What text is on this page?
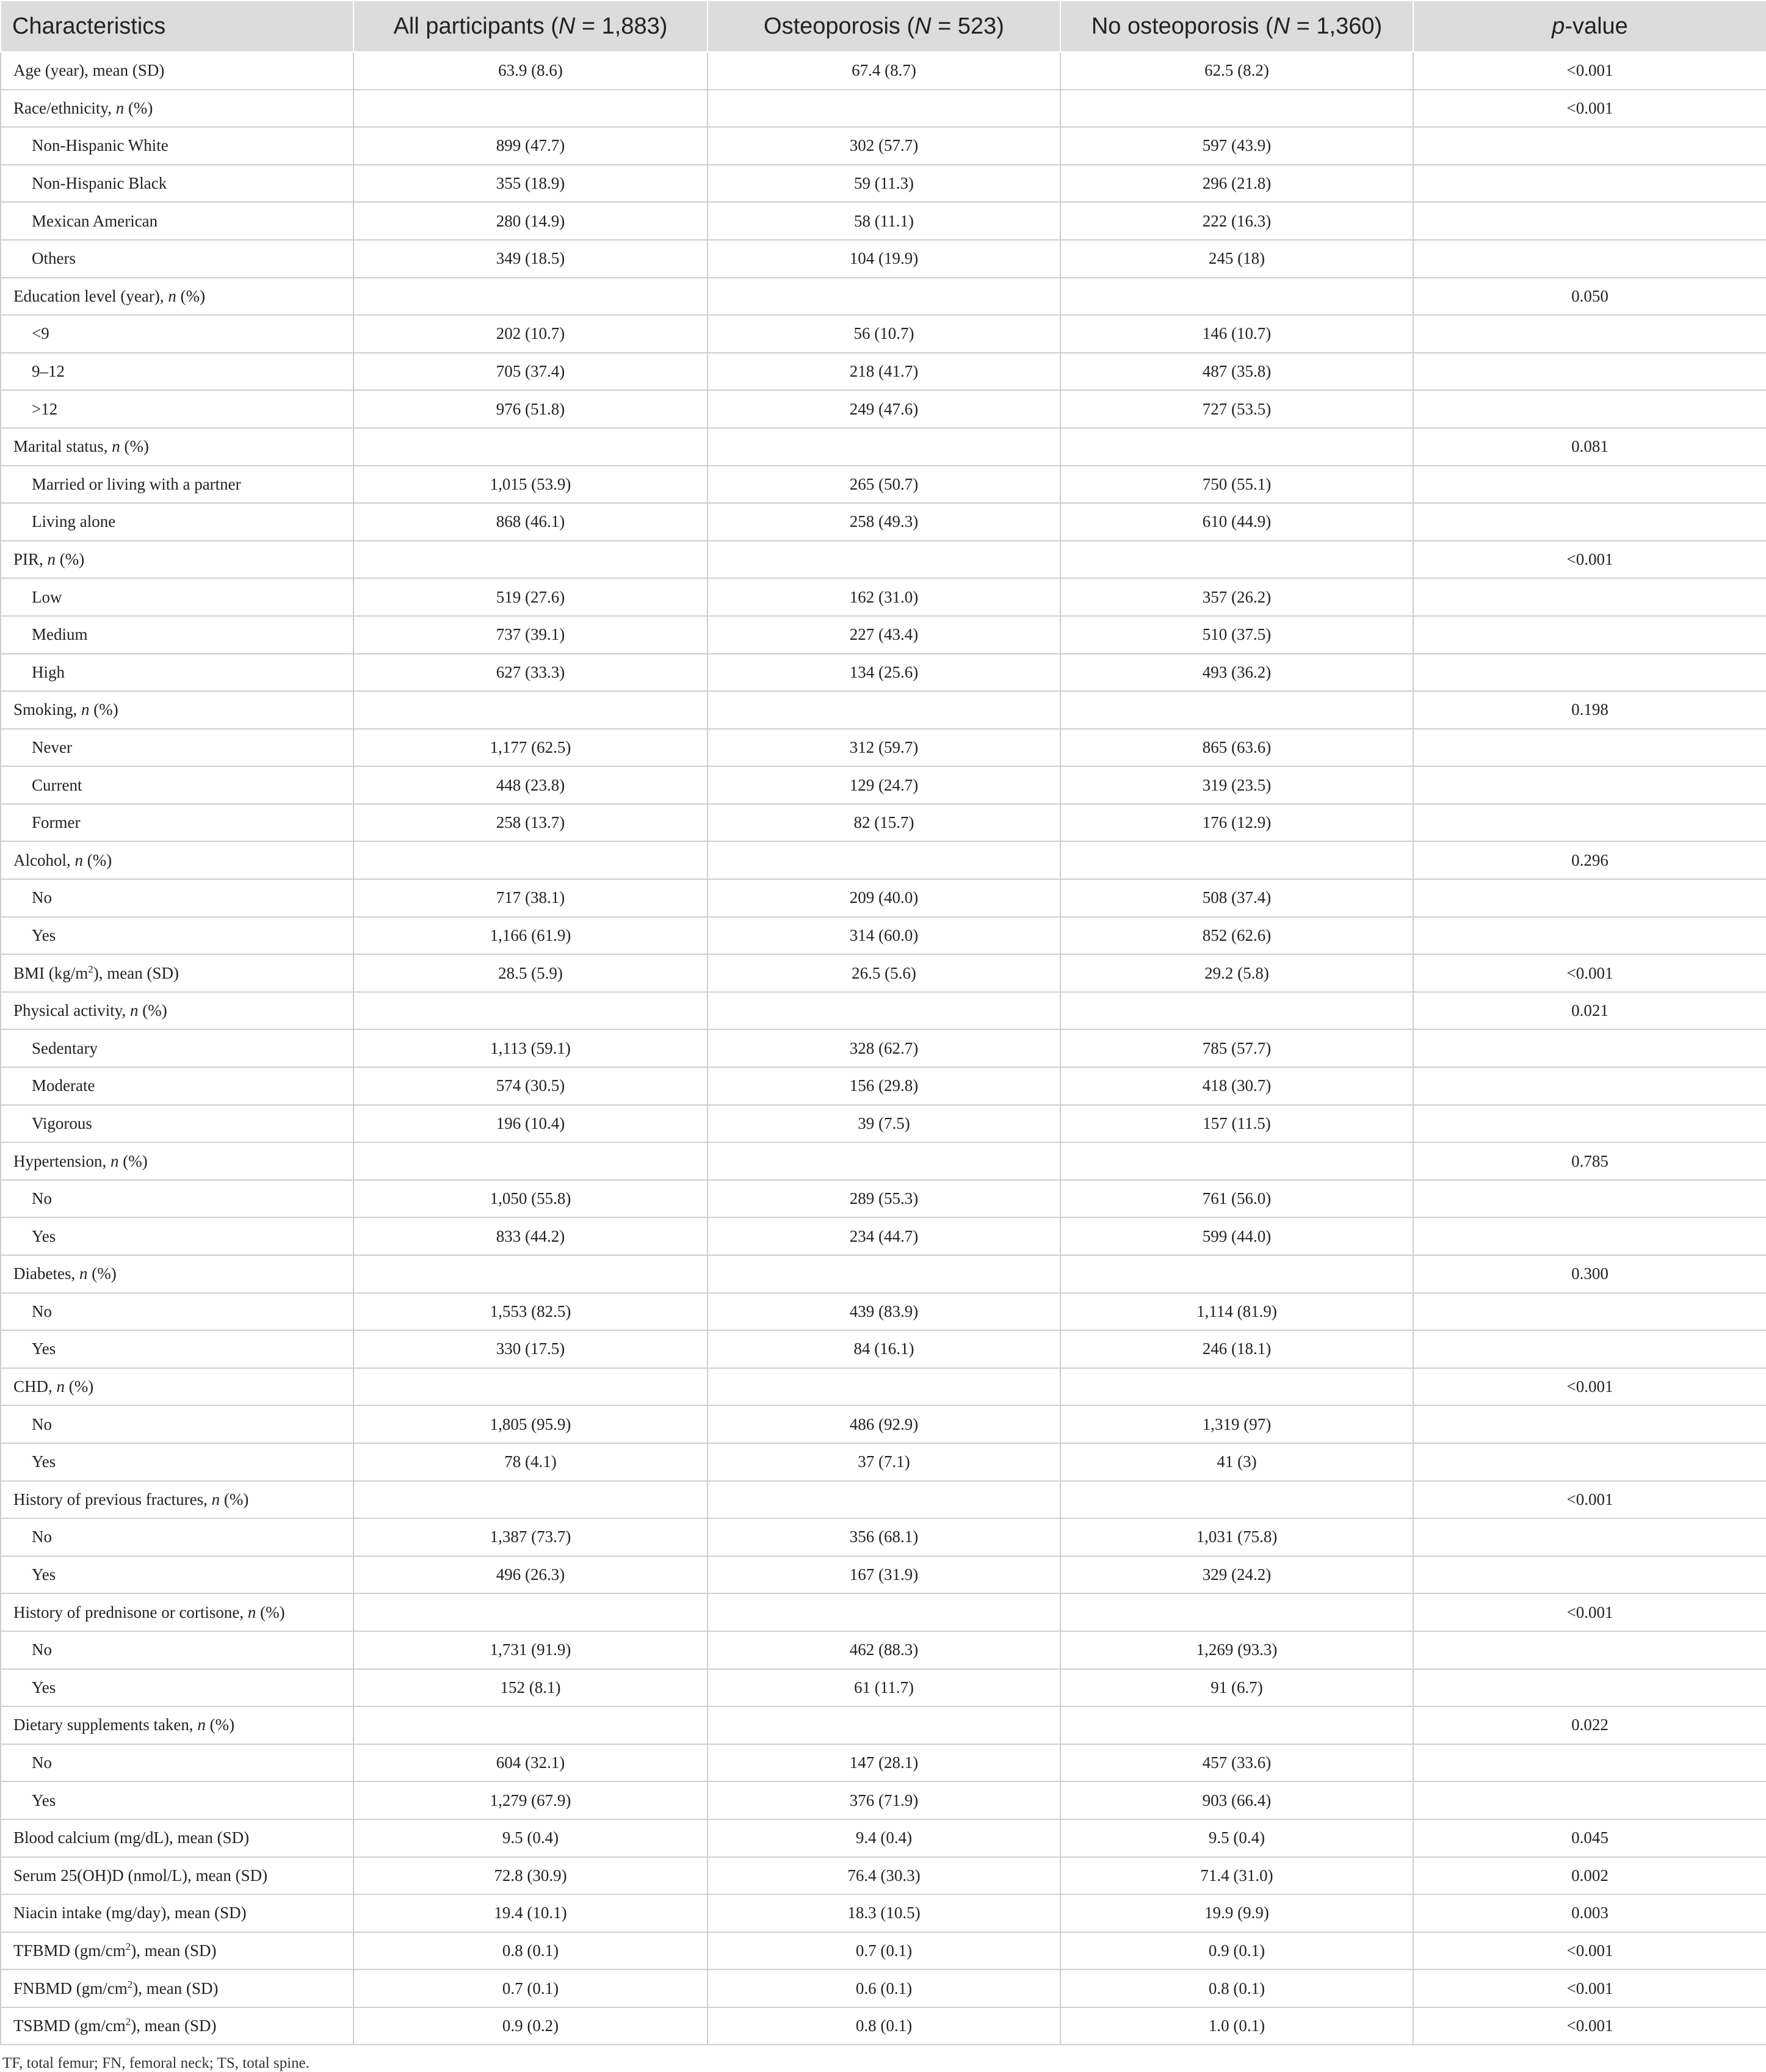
Characteristics	All participants (N = 1,883)	Osteoporosis (N = 523)	No osteoporosis (N = 1,360)	p-value
Age (year), mean (SD)	63.9 (8.6)	67.4 (8.7)	62.5 (8.2)	<0.001
Race/ethnicity, n (%)				<0.001
Non-Hispanic White	899 (47.7)	302 (57.7)	597 (43.9)	
Non-Hispanic Black	355 (18.9)	59 (11.3)	296 (21.8)	
Mexican American	280 (14.9)	58 (11.1)	222 (16.3)	
Others	349 (18.5)	104 (19.9)	245 (18)	
Education level (year), n (%)				0.050
<9	202 (10.7)	56 (10.7)	146 (10.7)	
9–12	705 (37.4)	218 (41.7)	487 (35.8)	
>12	976 (51.8)	249 (47.6)	727 (53.5)	
Marital status, n (%)				0.081
Married or living with a partner	1,015 (53.9)	265 (50.7)	750 (55.1)	
Living alone	868 (46.1)	258 (49.3)	610 (44.9)	
PIR, n (%)				<0.001
Low	519 (27.6)	162 (31.0)	357 (26.2)	
Medium	737 (39.1)	227 (43.4)	510 (37.5)	
High	627 (33.3)	134 (25.6)	493 (36.2)	
Smoking, n (%)				0.198
Never	1,177 (62.5)	312 (59.7)	865 (63.6)	
Current	448 (23.8)	129 (24.7)	319 (23.5)	
Former	258 (13.7)	82 (15.7)	176 (12.9)	
Alcohol, n (%)				0.296
No	717 (38.1)	209 (40.0)	508 (37.4)	
Yes	1,166 (61.9)	314 (60.0)	852 (62.6)	
BMI $(kg/m^2)$, mean (SD)	28.5 (5.9)	26.5 (5.6)	29.2 (5.8)	<0.001
Physical activity, n (%)				0.021
Sedentary	1,113 (59.1)	328 (62.7)	785 (57.7)	
Moderate	574 (30.5)	156 (29.8)	418 (30.7)	
Vigorous	196 (10.4)	39 (7.5)	157 (11.5)	
Hypertension, n (%)				0.785
No	1,050 (55.8)	289 (55.3)	761 (56.0)	
Yes	833 (44.2)	234 (44.7)	599 (44.0)	
Diabetes, n (%)				0.300
No	1,553 (82.5)	439 (83.9)	1,114 (81.9)	
Yes	330 (17.5)	84 (16.1)	246 (18.1)	
CHD, n (%)				<0.001
No	1,805 (95.9)	486 (92.9)	1,319 (97)	
Yes	78 (4.1)	37 (7.1)	41 (3)	
History of previous fractures, n (%)				<0.001
No	1,387 (73.7)	356 (68.1)	1,031 (75.8)	
Yes	496 (26.3)	167 (31.9)	329 (24.2)	
History of prednisone or cortisone, n (%)				<0.001
No	1,731 (91.9)	462 (88.3)	1,269 (93.3)	
Yes	152 (8.1)	61 (11.7)	91 (6.7)	
Dietary supplements taken, n (%)				0.022
No	604 (32.1)	147 (28.1)	457 (33.6)	
Yes	1,279 (67.9)	376 (71.9)	903 (66.4)	
Blood calcium (mg/dL), mean (SD)	9.5 (0.4)	9.4 (0.4)	9.5 (0.4)	0.045
Serum 25(OH)D (nmol/L), mean (SD)	72.8 (30.9)	76.4 (30.3)	71.4 (31.0)	0.002
Niacin intake (mg/day), mean (SD)	19.4 (10.1)	18.3 (10.5)	19.9 (9.9)	0.003
TFBMD $(gm/cm^2)$, mean (SD)	0.8 (0.1)	0.7 (0.1)	0.9 (0.1)	<0.001
FNBMD $(gm/cm^2)$, mean (SD)	0.7 (0.1)	0.6 (0.1)	0.8 (0.1)	<0.001
TSBMD $(gm/cm^2)$, mean (SD)	0.9 (0.2)	0.8 (0.1)	1.0 (0.1)	<0.001
TF, total femur; FN, femoral neck; TS, total spine.
